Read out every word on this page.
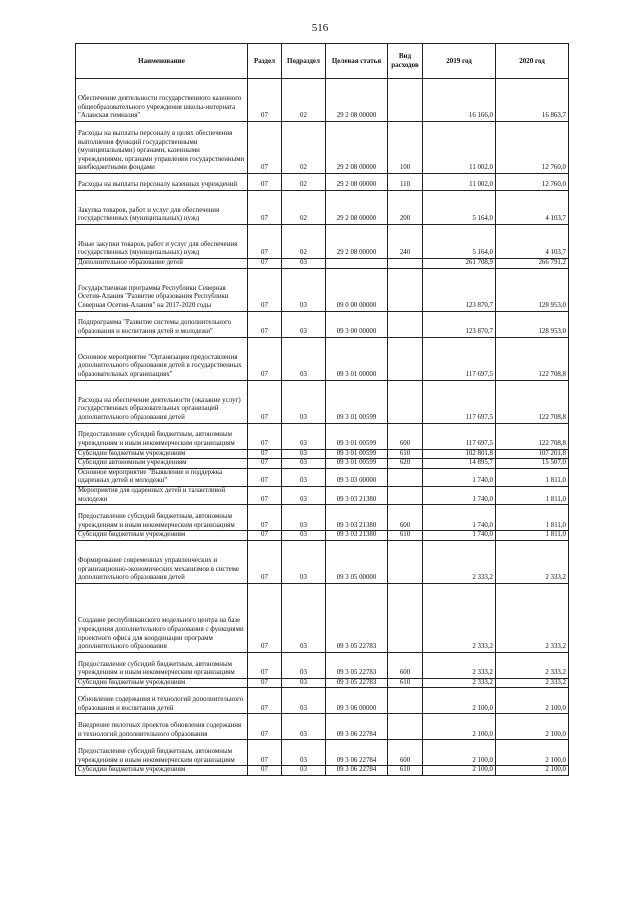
516
Наименование	Раздел	Подраздел	Целевая статья	Вид расходов	2019 год	2020 год
Обеспечение деятельности государственного казенного общеобразовательного учреждения школы-интерната "Аланская гимназия"	07	02	29 2 08 00000		16 166,0	16 863,7
Расходы на выплаты персоналу в целях обеспечения выполнения функций государственными (муниципальными) органами, казенными учреждениями, органами управления государственными внебюджетными фондами	07	02	29 2 08 00000	100	11 002,0	12 760,0
Расходы на выплаты персоналу казенных учреждений	07	02	29 2 08 00000	110	11 002,0	12 760,0
Закупка товаров, работ и услуг для обеспечения государственных (муниципальных) нужд	07	02	29 2 08 00000	200	5 164,0	4 103,7
Иные закупки товаров, работ и услуг для обеспечения государственных (муниципальных) нужд	07	02	29 2 08 00000	240	5 164,0	4 103,7
Дополнительное образование детей	07	03			261 708,9	266 791,2
Государственная программа Республики Северная Осетия-Алания "Развитие образования Республики Северная Осетия-Алания" на 2017-2020 годы	07	03	09 0 00 00000		123 870,7	128 953,0
Подпрограмма "Развитие системы дополнительного образования и воспитания детей и молодежи"	07	03	09 3 00 00000		123 870,7	128 953,0
Основное мероприятие "Организация предоставления дополнительного образования детей в государственных образовательных организациях"	07	03	09 3 01 00000		117 697,5	122 708,8
Расходы на обеспечение деятельности (оказание услуг) государственных образовательных организаций дополнительного образования детей	07	03	09 3 01 00599		117 697,5	122 708,8
Предоставление субсидий бюджетным, автономным учреждениям и иным некоммерческим организациям	07	03	09 3 01 00599	600	117 697,5	122 708,8
Субсидии бюджетным учреждениям	07	03	09 3 01 00599	610	102 801,8	107 201,8
Субсидии автономным учреждениям	07	03	09 3 01 00599	620	14 895,7	15 507,0
Основное мероприятие "Выявление и поддержка одаренных детей и молодежи"	07	03	09 3 03 00000		1 740,0	1 811,0
Мероприятия для одаренных детей и талантливой молодежи	07	03	09 3 03 21380		1 740,0	1 811,0
Предоставление субсидий бюджетным, автономным учреждениям и иным некоммерческим организациям	07	03	09 3 03 21380	600	1 740,0	1 811,0
Субсидии бюджетным учреждениям	07	03	09 3 03 21380	610	1 740,0	1 811,0
Формирование современных управленческих и организационно-экономических механизмов в системе дополнительного образования детей	07	03	09 3 05 00000		2 333,2	2 333,2
Создание республиканского модельного центра на базе учреждения дополнительного образования с функциями проектного офиса для координации программ дополнительного образования	07	03	09 3 05 22783		2 333,2	2 333,2
Предоставление субсидий бюджетным, автономным учреждениям и иным некоммерческим организациям	07	03	09 3 05 22783	600	2 333,2	2 333,2
Субсидии бюджетным учреждениям	07	03	09 3 05 22783	610	2 333,2	2 333,2
Обновление содержания и технологий дополнительного образования и воспитания детей	07	03	09 3 06 00000		2 100,0	2 100,0
Внедрение пилотных проектов обновления содержания и технологий дополнительного образования	07	03	09 3 06 22784		2 100,0	2 100,0
Предоставление субсидий бюджетным, автономным учреждениям и иным некоммерческим организациям	07	03	09 3 06 22784	600	2 100,0	2 100,0
Субсидии бюджетным учреждениям	07	03	09 3 06 22784	610	2 100,0	2 100,0
